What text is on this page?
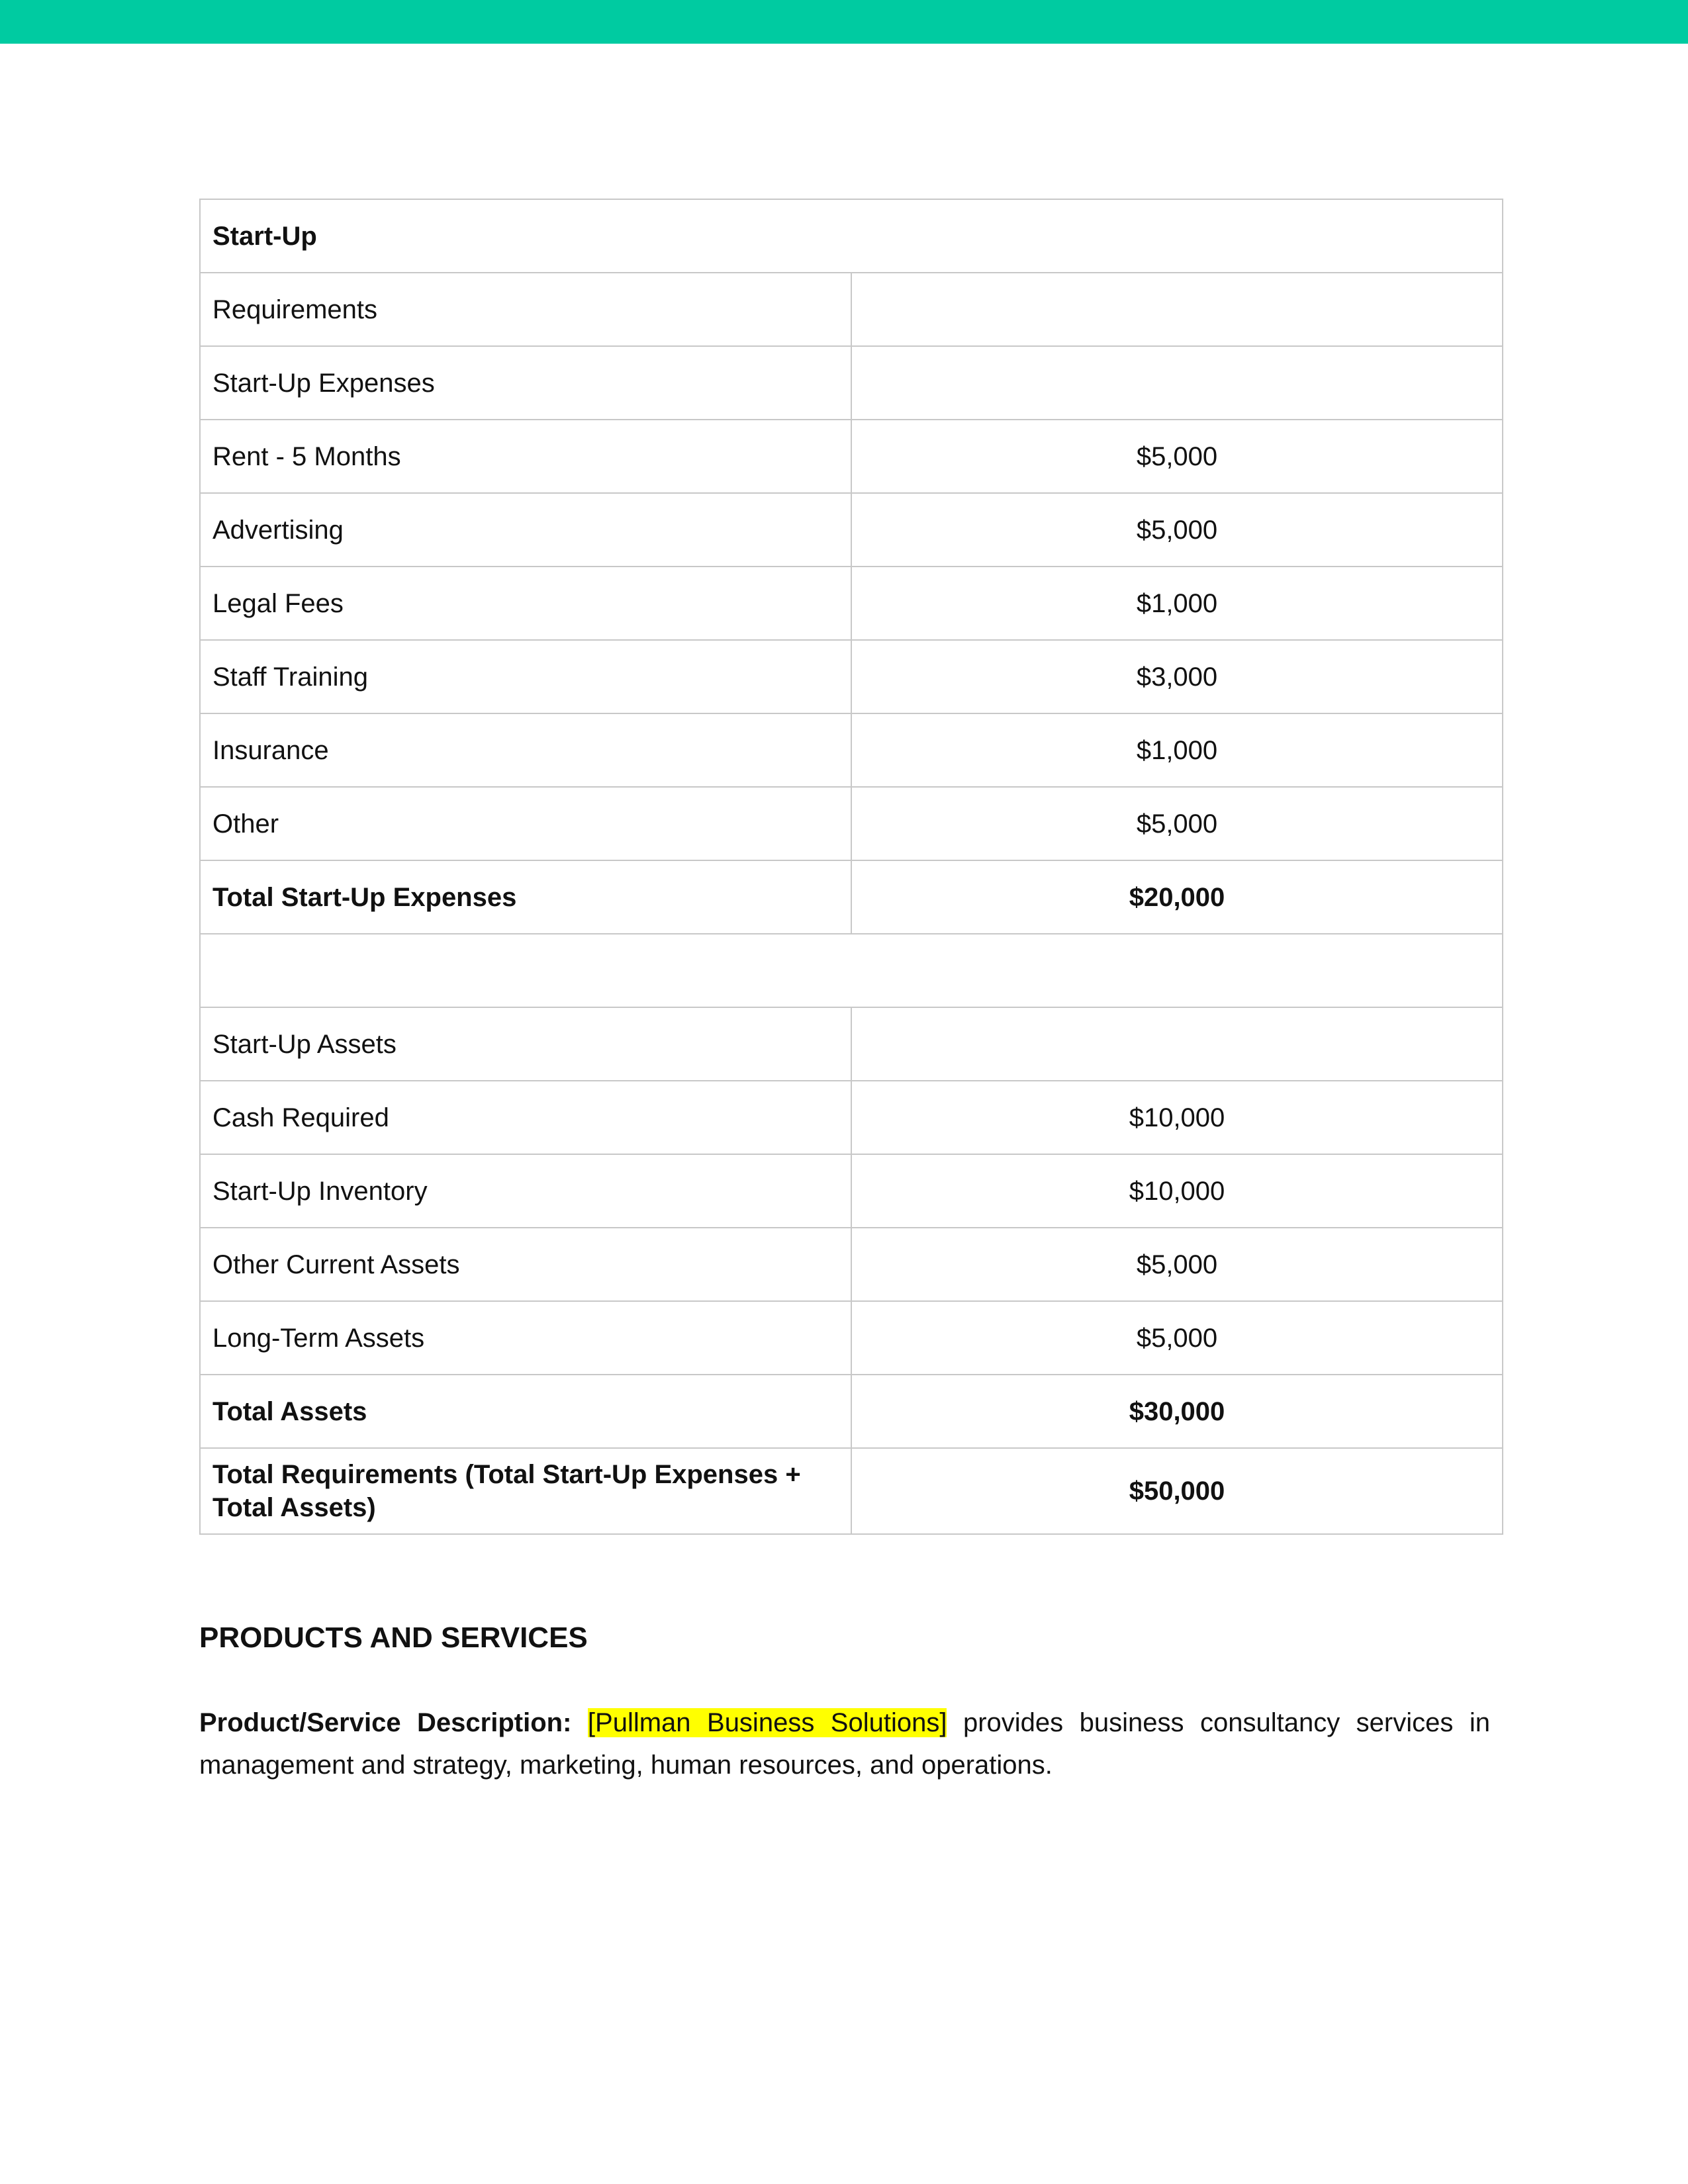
Start-Up	
Requirements	
Start-Up Expenses	
Rent - 5 Months	$5,000
Advertising	$5,000
Legal Fees	$1,000
Staff Training	$3,000
Insurance	$1,000
Other	$5,000
Total Start-Up Expenses	$20,000

Start-Up Assets	
Cash Required	$10,000
Start-Up Inventory	$10,000
Other Current Assets	$5,000
Long-Term Assets	$5,000
Total Assets	$30,000
Total Requirements (Total Start-Up Expenses + Total Assets)	$50,000
PRODUCTS AND SERVICES

Product/Service Description: [Pullman Business Solutions] provides business consultancy services in management and strategy, marketing, human resources, and operations.
